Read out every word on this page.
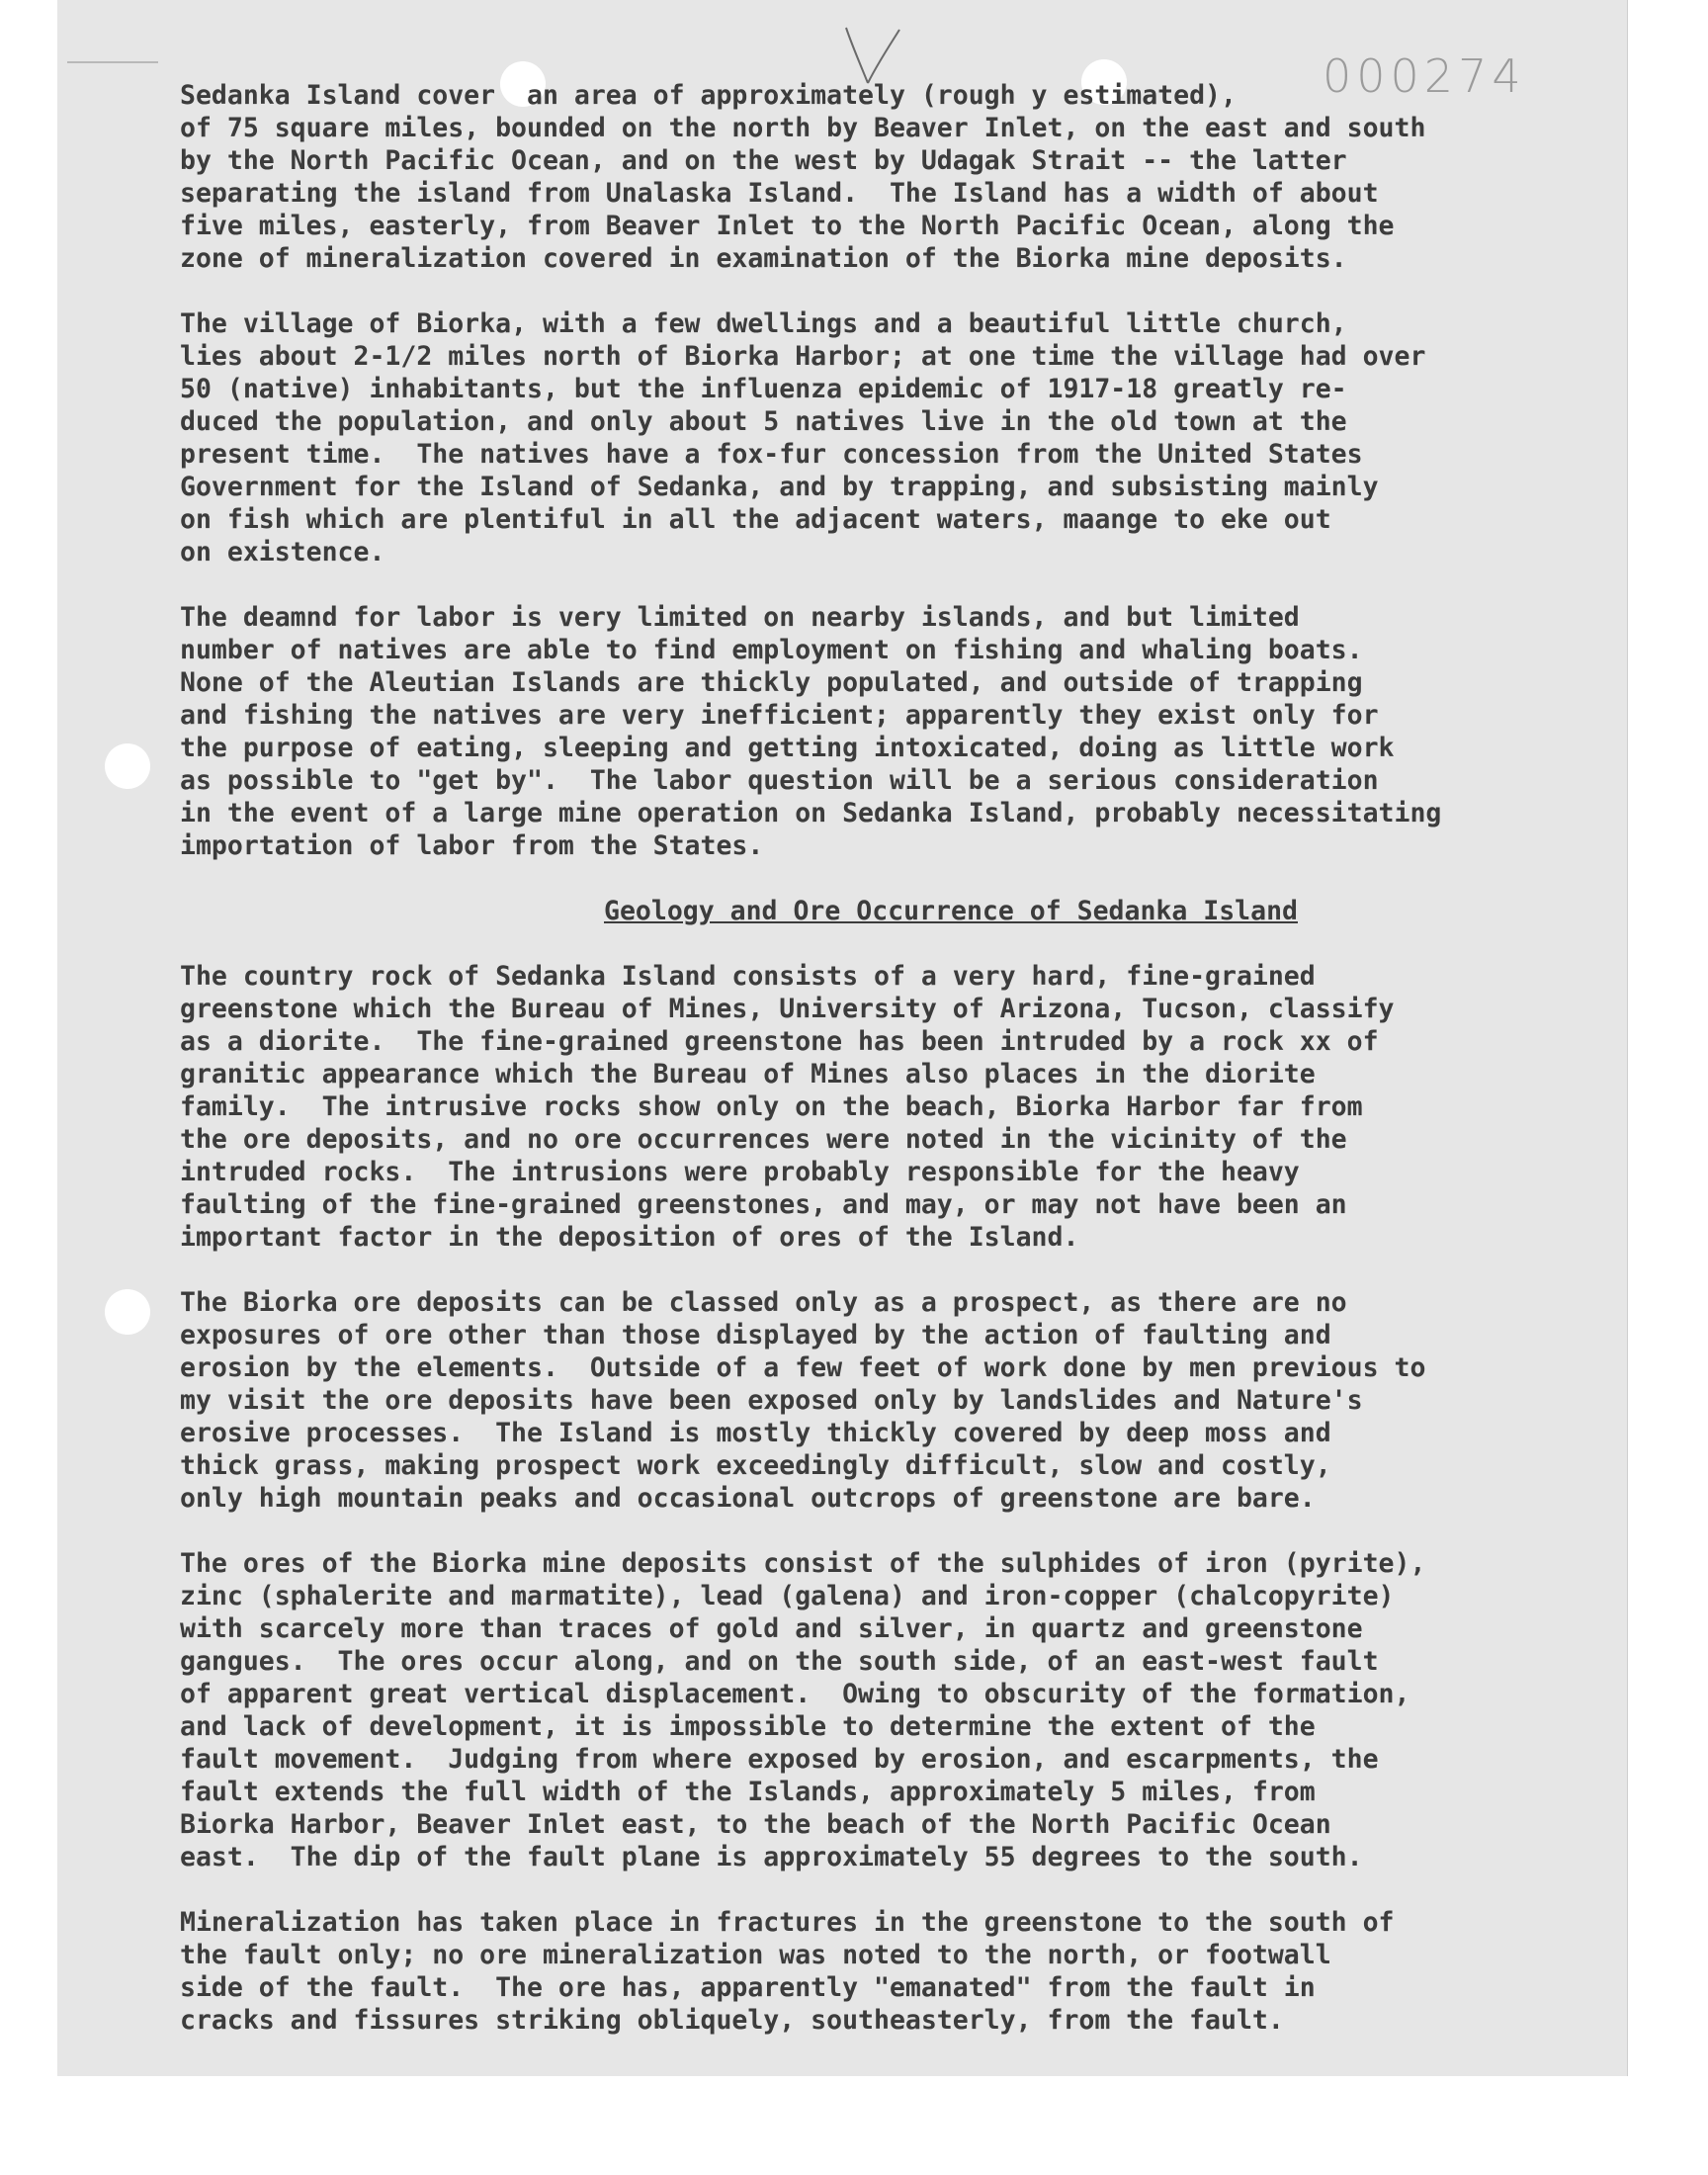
000274
Sedanka Island cover  an area of approximately (rough y estimated),
of 75 square miles, bounded on the north by Beaver Inlet, on the east and south
by the North Pacific Ocean, and on the west by Udagak Strait -- the latter
separating the island from Unalaska Island.  The Island has a width of about
five miles, easterly, from Beaver Inlet to the North Pacific Ocean, along the
zone of mineralization covered in examination of the Biorka mine deposits.
The village of Biorka, with a few dwellings and a beautiful little church,
lies about 2-1/2 miles north of Biorka Harbor; at one time the village had over
50 (native) inhabitants, but the influenza epidemic of 1917-18 greatly re-
duced the population, and only about 5 natives live in the old town at the
present time.  The natives have a fox-fur concession from the United States
Government for the Island of Sedanka, and by trapping, and subsisting mainly
on fish which are plentiful in all the adjacent waters, maange to eke out
on existence.
The deamnd for labor is very limited on nearby islands, and but limited
number of natives are able to find employment on fishing and whaling boats.
None of the Aleutian Islands are thickly populated, and outside of trapping
and fishing the natives are very inefficient; apparently they exist only for
the purpose of eating, sleeping and getting intoxicated, doing as little work
as possible to "get by".  The labor question will be a serious consideration
in the event of a large mine operation on Sedanka Island, probably necessitating
importation of labor from the States.
Geology and Ore Occurrence of Sedanka Island
The country rock of Sedanka Island consists of a very hard, fine-grained
greenstone which the Bureau of Mines, University of Arizona, Tucson, classify
as a diorite.  The fine-grained greenstone has been intruded by a rock xx of
granitic appearance which the Bureau of Mines also places in the diorite
family.  The intrusive rocks show only on the beach, Biorka Harbor far from
the ore deposits, and no ore occurrences were noted in the vicinity of the
intruded rocks.  The intrusions were probably responsible for the heavy
faulting of the fine-grained greenstones, and may, or may not have been an
important factor in the deposition of ores of the Island.
The Biorka ore deposits can be classed only as a prospect, as there are no
exposures of ore other than those displayed by the action of faulting and
erosion by the elements.  Outside of a few feet of work done by men previous to
my visit the ore deposits have been exposed only by landslides and Nature's
erosive processes.  The Island is mostly thickly covered by deep moss and
thick grass, making prospect work exceedingly difficult, slow and costly,
only high mountain peaks and occasional outcrops of greenstone are bare.
The ores of the Biorka mine deposits consist of the sulphides of iron (pyrite),
zinc (sphalerite and marmatite), lead (galena) and iron-copper (chalcopyrite)
with scarcely more than traces of gold and silver, in quartz and greenstone
gangues.  The ores occur along, and on the south side, of an east-west fault
of apparent great vertical displacement.  Owing to obscurity of the formation,
and lack of development, it is impossible to determine the extent of the
fault movement.  Judging from where exposed by erosion, and escarpments, the
fault extends the full width of the Islands, approximately 5 miles, from
Biorka Harbor, Beaver Inlet east, to the beach of the North Pacific Ocean
east.  The dip of the fault plane is approximately 55 degrees to the south.
Mineralization has taken place in fractures in the greenstone to the south of
the fault only; no ore mineralization was noted to the north, or footwall
side of the fault.  The ore has, apparently "emanated" from the fault in
cracks and fissures striking obliquely, southeasterly, from the fault.
